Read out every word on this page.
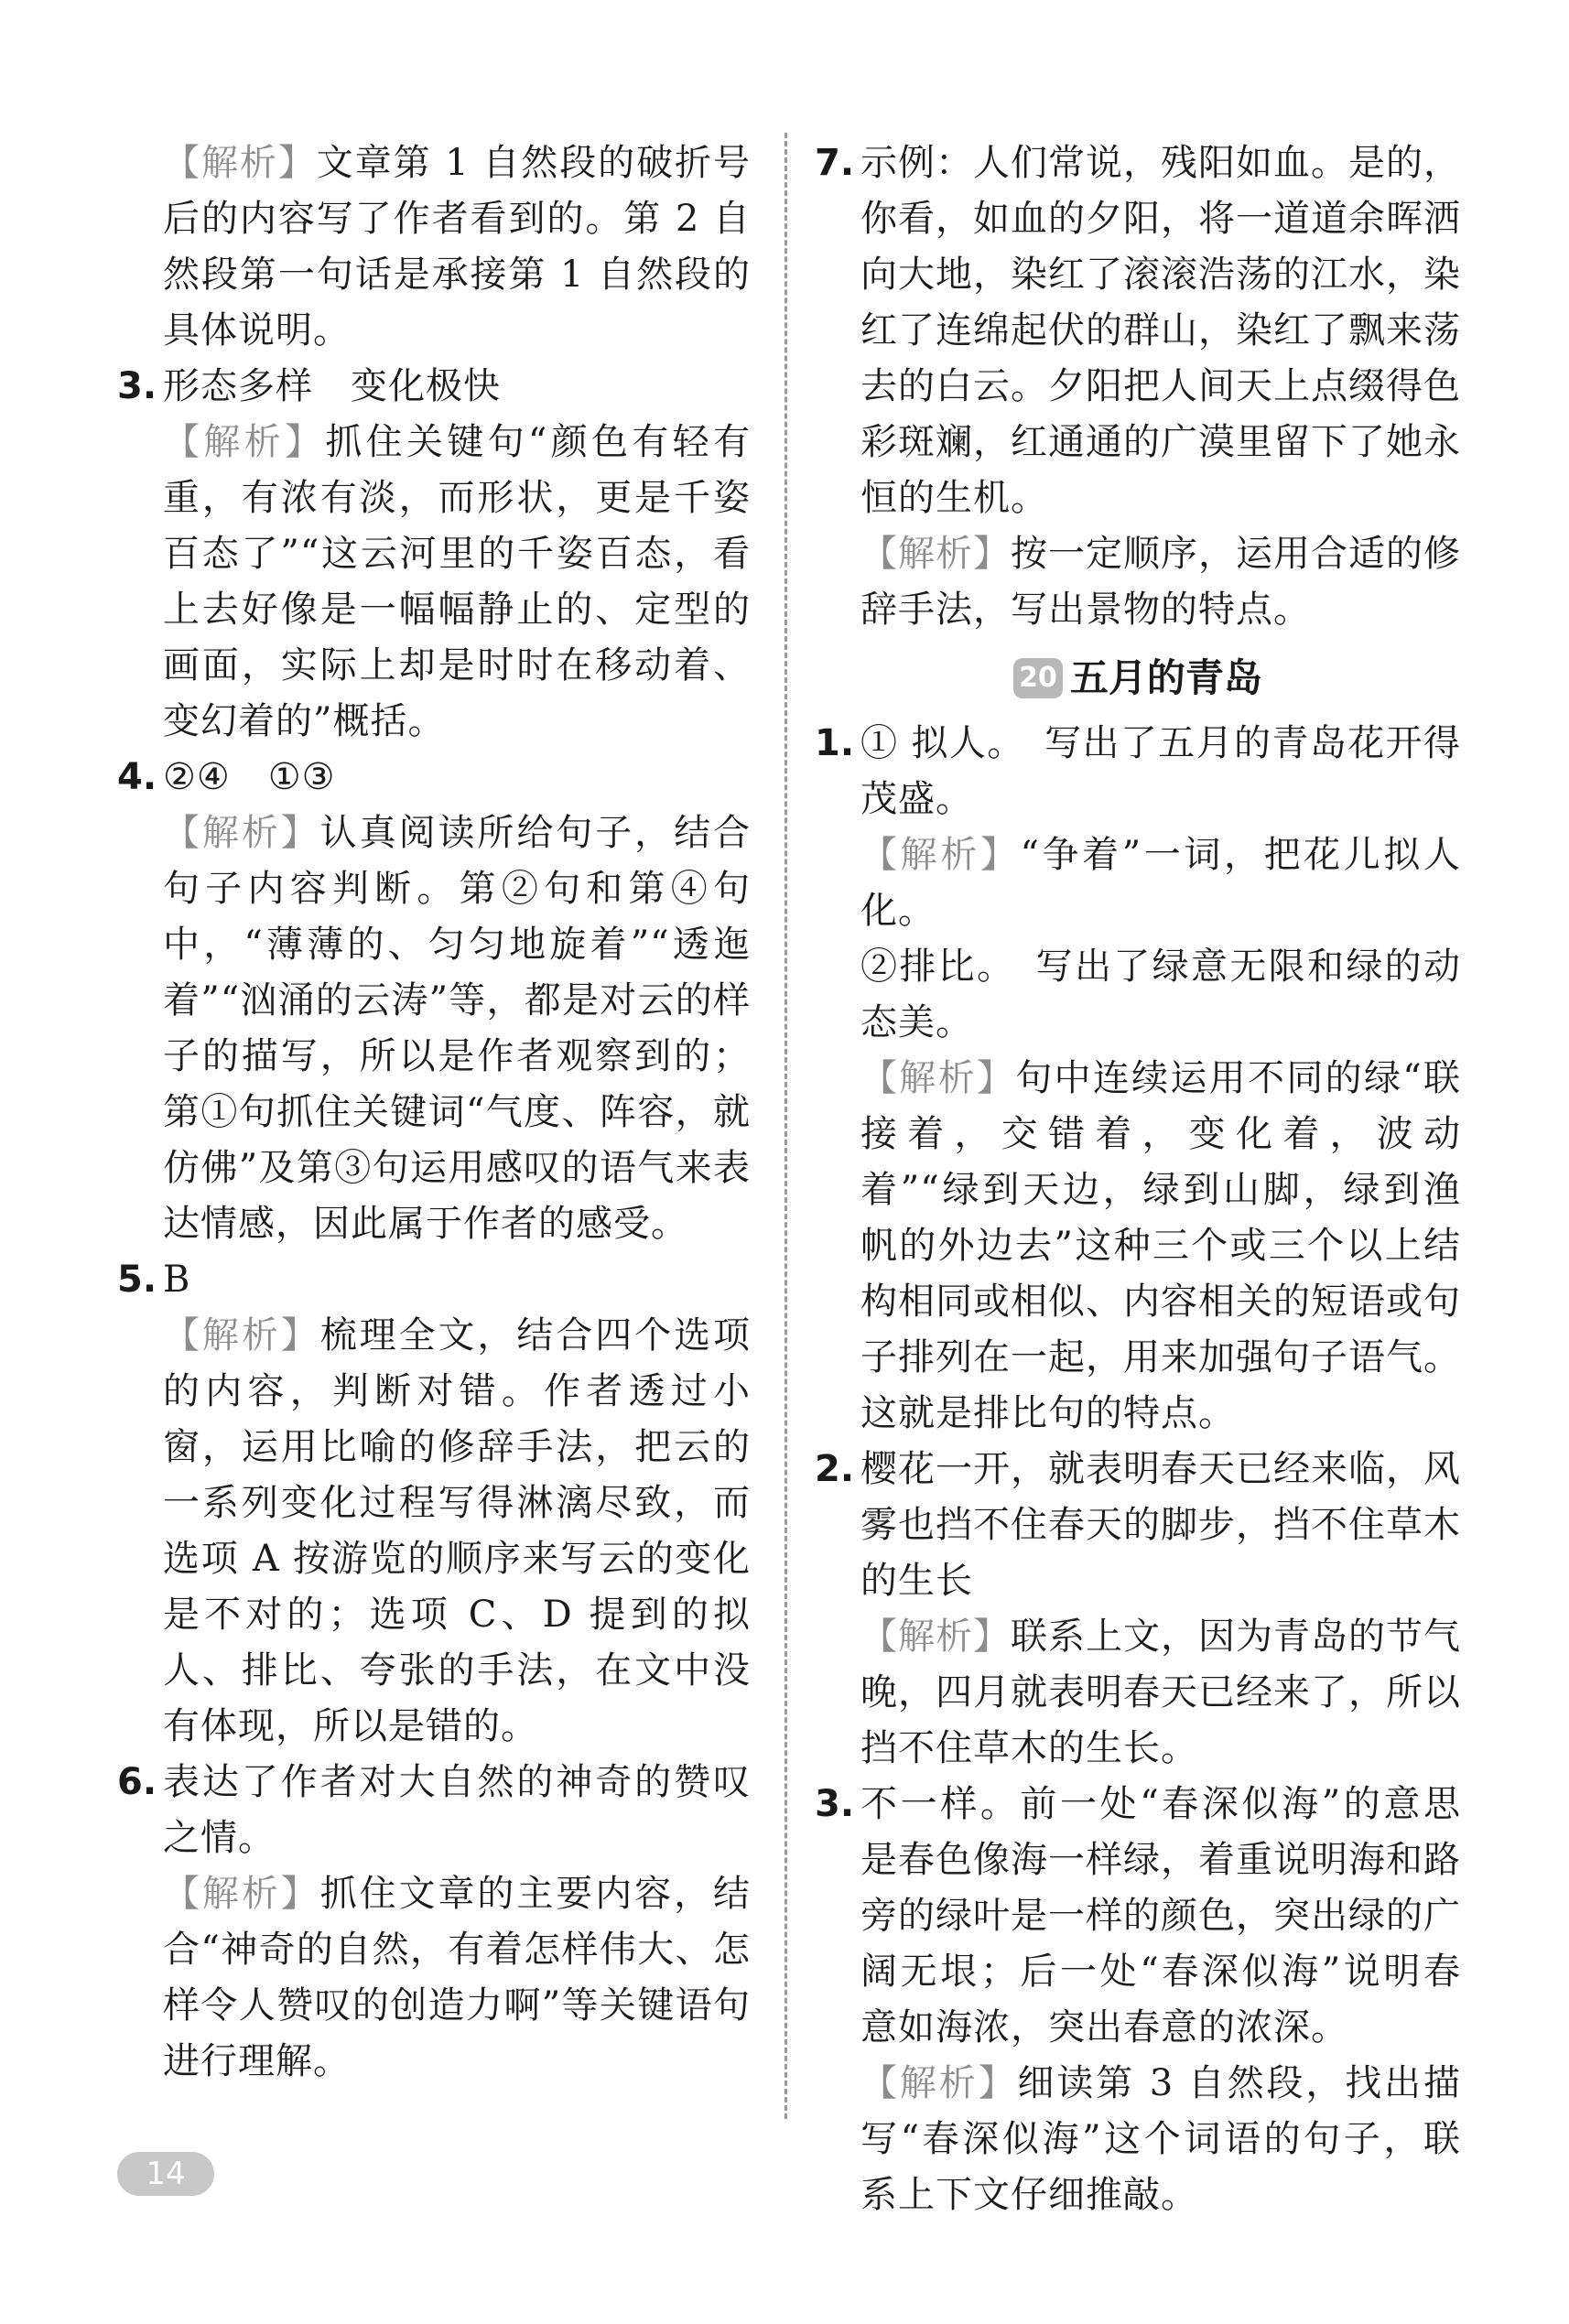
【解析】文章第 1 自然段的破折号后的内容写了作者看到的。第 2 自然段第一句话是承接第 1 自然段的具体说明。

3. 形态多样　变化极快

【解析】抓住关键句“颜色有轻有重，有浓有淡，而形状，更是千姿百态了”“这云河里的千姿百态，看上去好像是一幅幅静止的、定型的画面，实际上却是时时在移动着、变幻着的”概括。

4. ②④　①③

【解析】认真阅读所给句子，结合句子内容判断。第②句和第④句中，“薄薄的、匀匀地旋着”“透迤着”“汹涌的云涛”等，都是对云的样子的描写，所以是作者观察到的；第①句抓住关键词“气度、阵容，就仿佛”及第③句运用感叹的语气来表达情感，因此属于作者的感受。

5. B

【解析】梳理全文，结合四个选项的内容，判断对错。作者透过小窗，运用比喻的修辞手法，把云的一系列变化过程写得淋漓尽致，而选项 A 按游览的顺序来写云的变化是不对的；选项 C、D 提到的拟人、排比、夸张的手法，在文中没有体现，所以是错的。

6. 表达了作者对大自然的神奇的赞叹之情。

【解析】抓住文章的主要内容，结合“神奇的自然，有着怎样伟大、怎样令人赞叹的创造力啊”等关键语句进行理解。

7. 示例：人们常说，残阳如血。是的，你看，如血的夕阳，将一道道余晖洒向大地，染红了滚滚浩荡的江水，染红了连绵起伏的群山，染红了飘来荡去的白云。夕阳把人间天上点缀得色彩斑斓，红通通的广漠里留下了她永恒的生机。

【解析】按一定顺序，运用合适的修辞手法，写出景物的特点。

20 五月的青岛
1. ① 拟人。　写出了五月的青岛花开得茂盛。

【解析】“争着”一词，把花儿拟人化。

②排比。　写出了绿意无限和绿的动态美。

【解析】句中连续运用不同的绿“联接着，交错着，变化着，波动着”“绿到天边，绿到山脚，绿到渔帆的外边去”这种三个或三个以上结构相同或相似、内容相关的短语或句子排列在一起，用来加强句子语气。这就是排比句的特点。

2. 樱花一开，就表明春天已经来临，风雾也挡不住春天的脚步，挡不住草木的生长

【解析】联系上文，因为青岛的节气晚，四月就表明春天已经来了，所以挡不住草木的生长。

3. 不一样。前一处“春深似海”的意思是春色像海一样绿，着重说明海和路旁的绿叶是一样的颜色，突出绿的广阔无垠；后一处“春深似海”说明春意如海浓，突出春意的浓深。

【解析】细读第 3 自然段，找出描写“春深似海”这个词语的句子，联系上下文仔细推敲。

14
